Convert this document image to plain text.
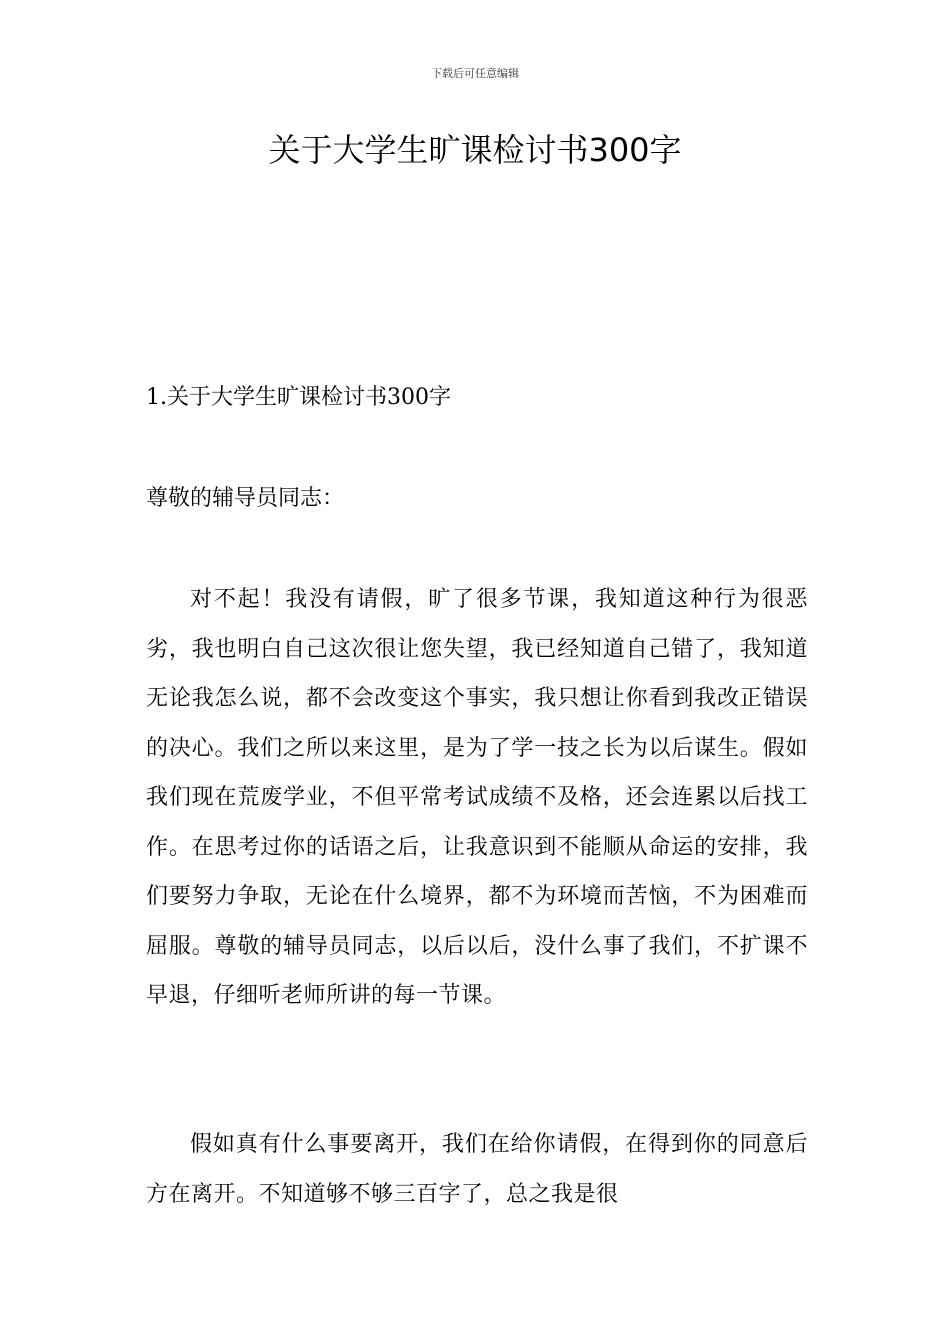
下载后可任意编辑
关于大学生旷课检讨书300字

1.关于大学生旷课检讨书300字

尊敬的辅导员同志：

对不起！我没有请假，旷了很多节课，我知道这种行为很恶劣，我也明白自己这次很让您失望，我已经知道自己错了，我知道无论我怎么说，都不会改变这个事实，我只想让你看到我改正错误的决心。我们之所以来这里，是为了学一技之长为以后谋生。假如我们现在荒废学业，不但平常考试成绩不及格，还会连累以后找工作。在思考过你的话语之后，让我意识到不能顺从命运的安排，我们要努力争取，无论在什么境界，都不为环境而苦恼，不为困难而屈服。尊敬的辅导员同志，以后以后，没什么事了我们，不扩课不早退，仔细听老师所讲的每一节课。

假如真有什么事要离开，我们在给你请假，在得到你的同意后方在离开。不知道够不够三百字了，总之我是很
